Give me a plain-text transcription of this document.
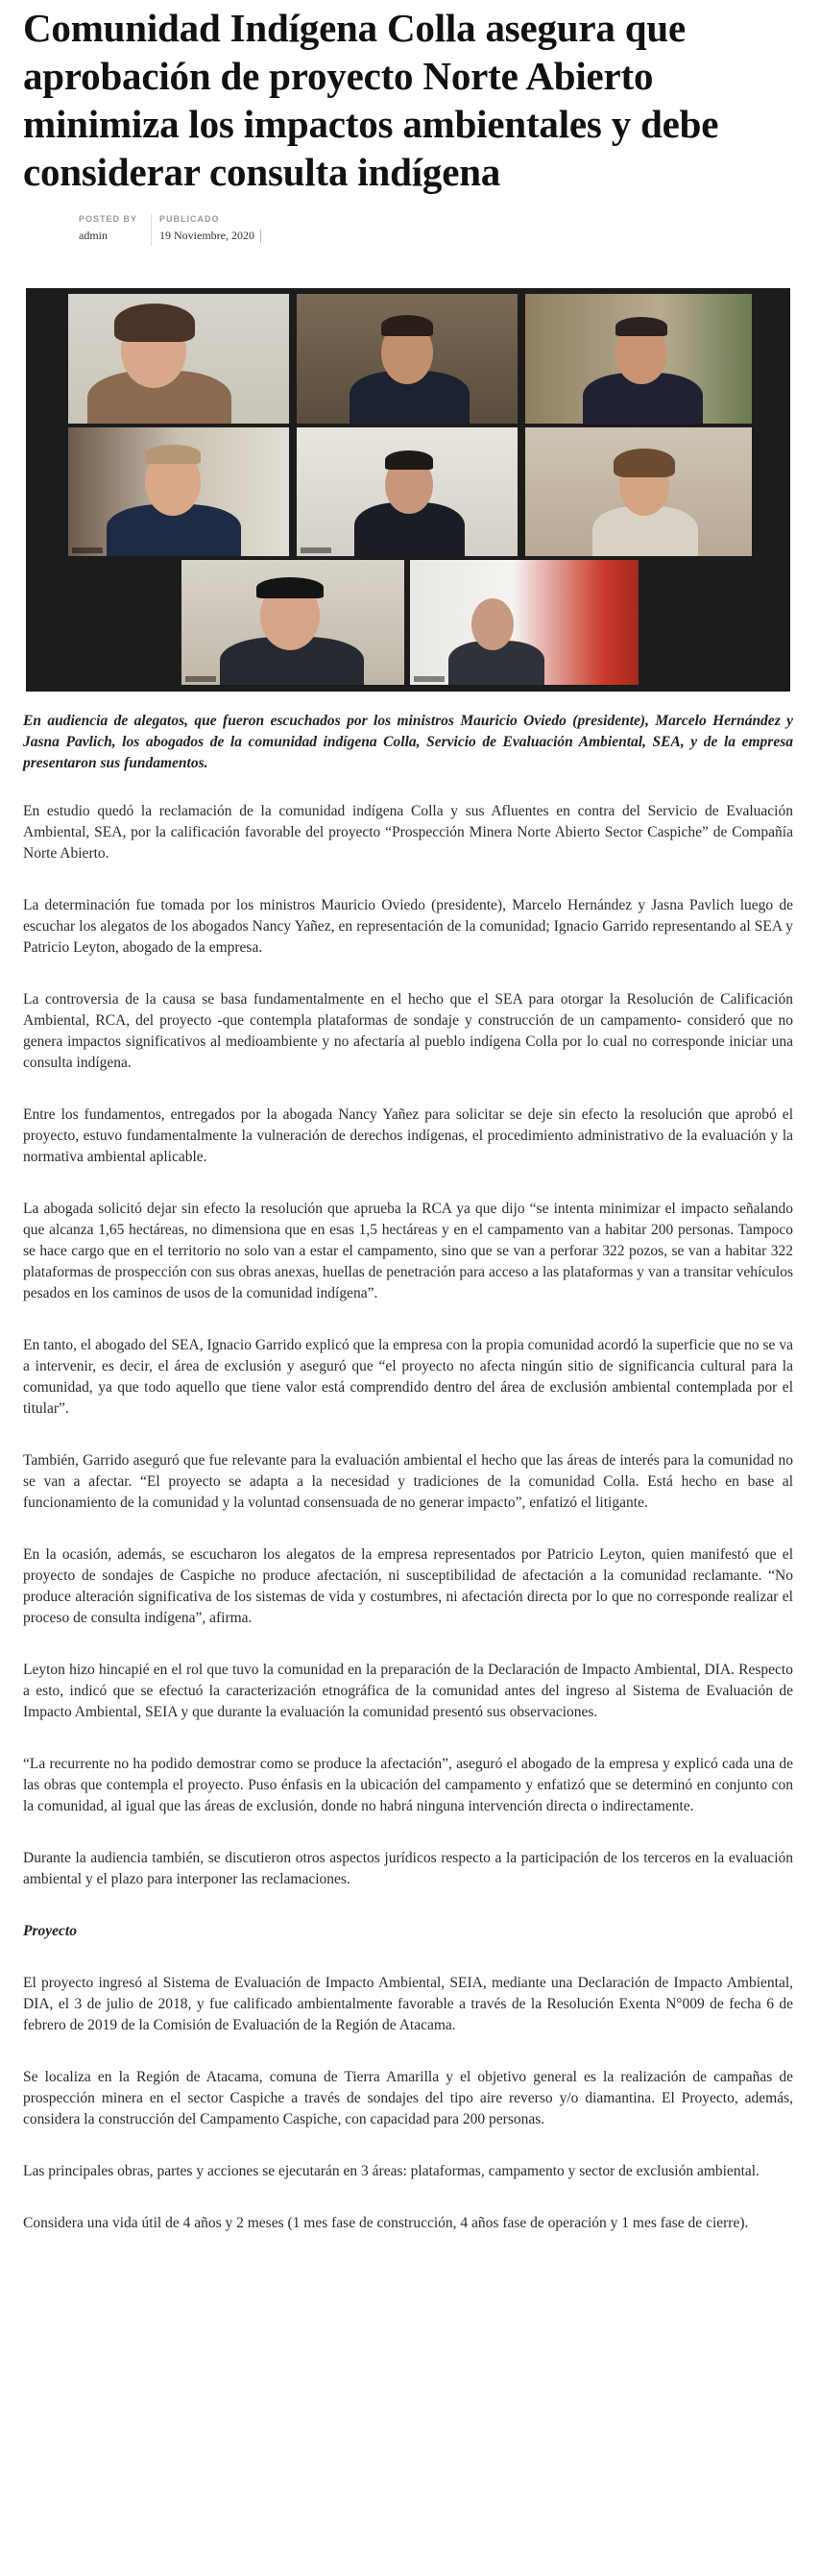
Comunidad Indígena Colla asegura que aprobación de proyecto Norte Abierto minimiza los impactos ambientales y debe considerar consulta indígena
POSTED BY
admin
PUBLICADO
19 Noviembre, 2020

En audiencia de alegatos, que fueron escuchados por los ministros Mauricio Oviedo (presidente), Marcelo Hernández y Jasna Pavlich, los abogados de la comunidad indígena Colla, Servicio de Evaluación Ambiental, SEA, y de la empresa presentaron sus fundamentos.

En estudio quedó la reclamación de la comunidad indígena Colla y sus Afluentes en contra del Servicio de Evaluación Ambiental, SEA, por la calificación favorable del proyecto “Prospección Minera Norte Abierto Sector Caspiche” de Compañía Norte Abierto.

La determinación fue tomada por los ministros Mauricio Oviedo (presidente), Marcelo Hernández y Jasna Pavlich luego de escuchar los alegatos de los abogados Nancy Yañez, en representación de la comunidad; Ignacio Garrido representando al SEA y Patricio Leyton, abogado de la empresa.

La controversia de la causa se basa fundamentalmente en el hecho que el SEA para otorgar la Resolución de Calificación Ambiental, RCA, del proyecto -que contempla plataformas de sondaje y construcción de un campamento- consideró que no genera impactos significativos al medioambiente y no afectaría al pueblo indígena Colla por lo cual no corresponde iniciar una consulta indígena.

Entre los fundamentos, entregados por la abogada Nancy Yañez para solicitar se deje sin efecto la resolución que aprobó el proyecto, estuvo fundamentalmente la vulneración de derechos indígenas, el procedimiento administrativo de la evaluación y la normativa ambiental aplicable.

La abogada solicitó dejar sin efecto la resolución que aprueba la RCA ya que dijo “se intenta minimizar el impacto señalando que alcanza 1,65 hectáreas, no dimensiona que en esas 1,5 hectáreas y en el campamento van a habitar 200 personas. Tampoco se hace cargo que en el territorio no solo van a estar el campamento, sino que se van a perforar 322 pozos, se van a habitar 322 plataformas de prospección con sus obras anexas, huellas de penetración para acceso a las plataformas y van a transitar vehículos pesados en los caminos de usos de la comunidad indígena”.

En tanto, el abogado del SEA, Ignacio Garrido explicó que la empresa con la propia comunidad acordó la superficie que no se va a intervenir, es decir, el área de exclusión y aseguró que “el proyecto no afecta ningún sitio de significancia cultural para la comunidad, ya que todo aquello que tiene valor está comprendido dentro del área de exclusión ambiental contemplada por el titular”.

También, Garrido aseguró que fue relevante para la evaluación ambiental el hecho que las áreas de interés para la comunidad no se van a afectar. “El proyecto se adapta a la necesidad y tradiciones de la comunidad Colla. Está hecho en base al funcionamiento de la comunidad y la voluntad consensuada de no generar impacto”, enfatizó el litigante.

En la ocasión, además, se escucharon los alegatos de la empresa representados por Patricio Leyton, quien manifestó que el proyecto de sondajes de Caspiche no produce afectación, ni susceptibilidad de afectación a la comunidad reclamante. “No produce alteración significativa de los sistemas de vida y costumbres, ni afectación directa por lo que no corresponde realizar el proceso de consulta indígena”, afirma.

Leyton hizo hincapié en el rol que tuvo la comunidad en la preparación de la Declaración de Impacto Ambiental, DIA. Respecto a esto, indicó que se efectuó la caracterización etnográfica de la comunidad antes del ingreso al Sistema de Evaluación de Impacto Ambiental, SEIA y que durante la evaluación la comunidad presentó sus observaciones.

“La recurrente no ha podido demostrar como se produce la afectación”, aseguró el abogado de la empresa y explicó cada una de las obras que contempla el proyecto. Puso énfasis en la ubicación del campamento y enfatizó que se determinó en conjunto con la comunidad, al igual que las áreas de exclusión, donde no habrá ninguna intervención directa o indirectamente.

Durante la audiencia también, se discutieron otros aspectos jurídicos respecto a la participación de los terceros en la evaluación ambiental y el plazo para interponer las reclamaciones.

Proyecto

El proyecto ingresó al Sistema de Evaluación de Impacto Ambiental, SEIA, mediante una Declaración de Impacto Ambiental, DIA, el 3 de julio de 2018, y fue calificado ambientalmente favorable a través de la Resolución Exenta N°009 de fecha 6 de febrero de 2019 de la Comisión de Evaluación de la Región de Atacama.

Se localiza en la Región de Atacama, comuna de Tierra Amarilla y el objetivo general es la realización de campañas de prospección minera en el sector Caspiche a través de sondajes del tipo aire reverso y/o diamantina. El Proyecto, además, considera la construcción del Campamento Caspiche, con capacidad para 200 personas.

Las principales obras, partes y acciones se ejecutarán en 3 áreas: plataformas, campamento y sector de exclusión ambiental.

Considera una vida útil de 4 años y 2 meses (1 mes fase de construcción, 4 años fase de operación y 1 mes fase de cierre).
